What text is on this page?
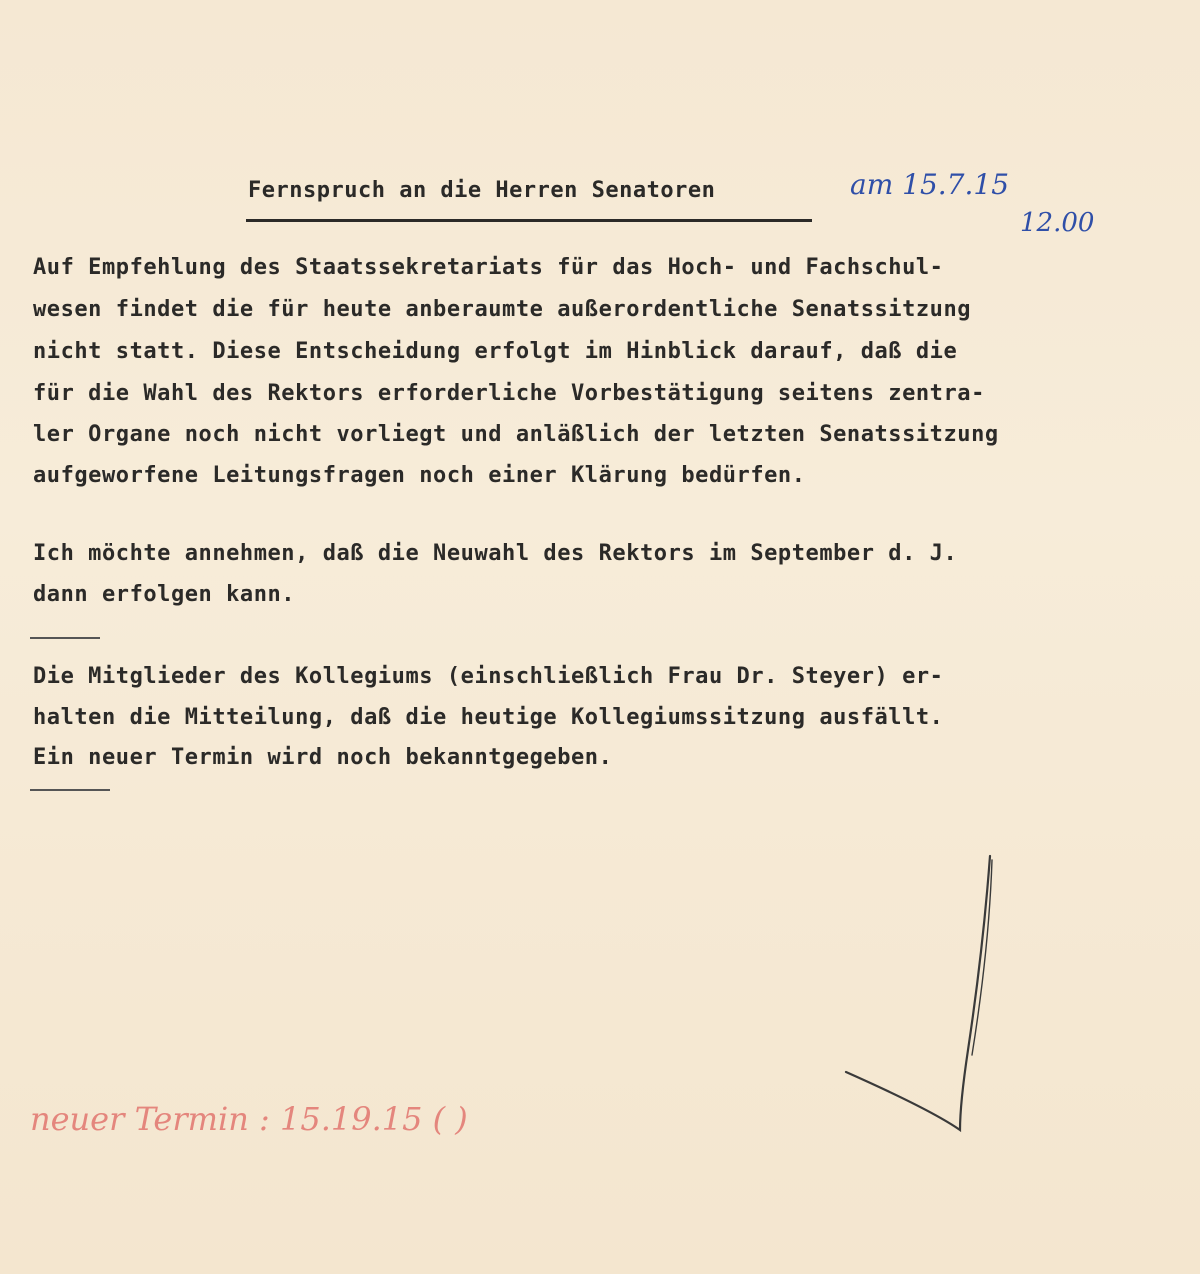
Fernspruch an die Herren Senatoren	am 15.7.15
12.00
Auf Empfehlung des Staatssekretariats für das Hoch- und Fachschul-
wesen findet die für heute anberaumte außerordentliche Senatssitzung
nicht statt. Diese Entscheidung erfolgt im Hinblick darauf, daß die
für die Wahl des Rektors erforderliche Vorbestätigung seitens zentra-
ler Organe noch nicht vorliegt und anläßlich der letzten Senatssitzung
aufgeworfene Leitungsfragen noch einer Klärung bedürfen.
Ich möchte annehmen, daß die Neuwahl des Rektors im September d. J.
dann erfolgen kann.
Die Mitglieder des Kollegiums (einschließlich Frau Dr. Steyer) er-
halten die Mitteilung, daß die heutige Kollegiumssitzung ausfällt.
Ein neuer Termin wird noch bekanntgegeben.
neuer Termin : 15.19.15 ( )
